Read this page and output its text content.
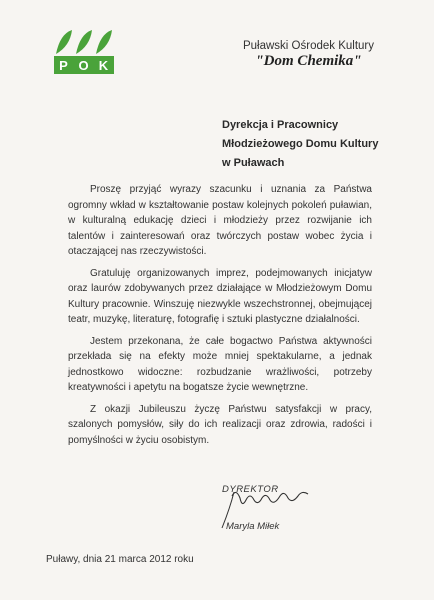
P O K
Puławski Ośrodek Kultury
"Dom Chemika"
Dyrekcja i Pracownicy
Młodzieżowego Domu Kultury
w Puławach

Proszę przyjąć wyrazy szacunku i uznania za Państwa ogromny wkład w kształtowanie postaw kolejnych pokoleń puławian, w kulturalną edukację dzieci i młodzieży przez rozwijanie ich talentów i zainteresowań oraz twórczych postaw wobec życia i otaczającej nas rzeczywistości.

Gratuluję organizowanych imprez, podejmowanych inicjatyw oraz laurów zdobywanych przez działające w Młodzieżowym Domu Kultury pracownie. Winszuję niezwykle wszechstronnej, obejmującej teatr, muzykę, literaturę, fotografię i sztuki plastyczne działalności.

Jestem przekonana, że całe bogactwo Państwa aktywności przekłada się na efekty może mniej spektakularne, a jednak jednostkowo widoczne: rozbudzanie wrażliwości, potrzeby kreatywności i apetytu na bogatsze życie wewnętrzne.

Z okazji Jubileuszu życzę Państwu satysfakcji w pracy, szalonych pomysłów, siły do ich realizacji oraz zdrowia, radości i pomyślności w życiu osobistym.

DYREKTOR
Maryla Miłek
Puławy, dnia 21 marca 2012 roku
